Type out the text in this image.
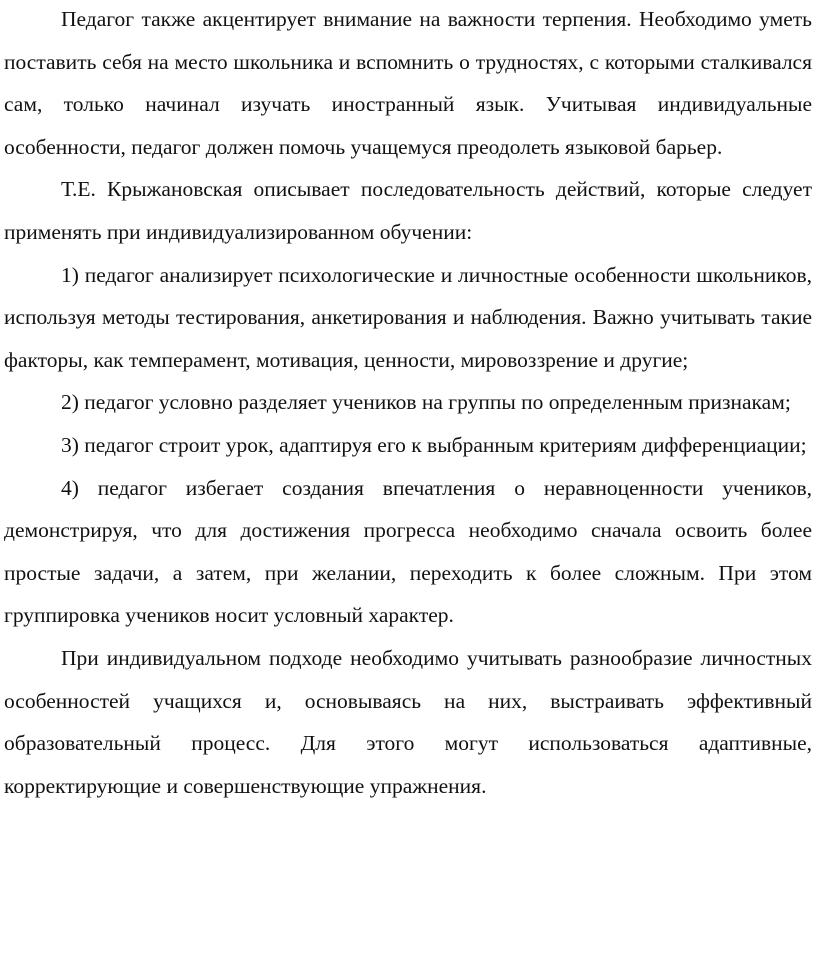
Педагог также акцентирует внимание на важности терпения. Необходимо уметь поставить себя на место школьника и вспомнить о трудностях, с которыми сталкивался сам, только начинал изучать иностранный язык. Учитывая индивидуальные особенности, педагог должен помочь учащемуся преодолеть языковой барьер.

Т.Е. Крыжановская описывает последовательность действий, которые следует применять при индивидуализированном обучении:

1) педагог анализирует психологические и личностные особенности школьников, используя методы тестирования, анкетирования и наблюдения. Важно учитывать такие факторы, как темперамент, мотивация, ценности, мировоззрение и другие;

2) педагог условно разделяет учеников на группы по определенным признакам;

3) педагог строит урок, адаптируя его к выбранным критериям дифференциации;

4) педагог избегает создания впечатления о неравноценности учеников, демонстрируя, что для достижения прогресса необходимо сначала освоить более простые задачи, а затем, при желании, переходить к более сложным. При этом группировка учеников носит условный характер.

При индивидуальном подходе необходимо учитывать разнообразие личностных особенностей учащихся и, основываясь на них, выстраивать эффективный образовательный процесс. Для этого могут использоваться адаптивные, корректирующие и совершенствующие упражнения.
